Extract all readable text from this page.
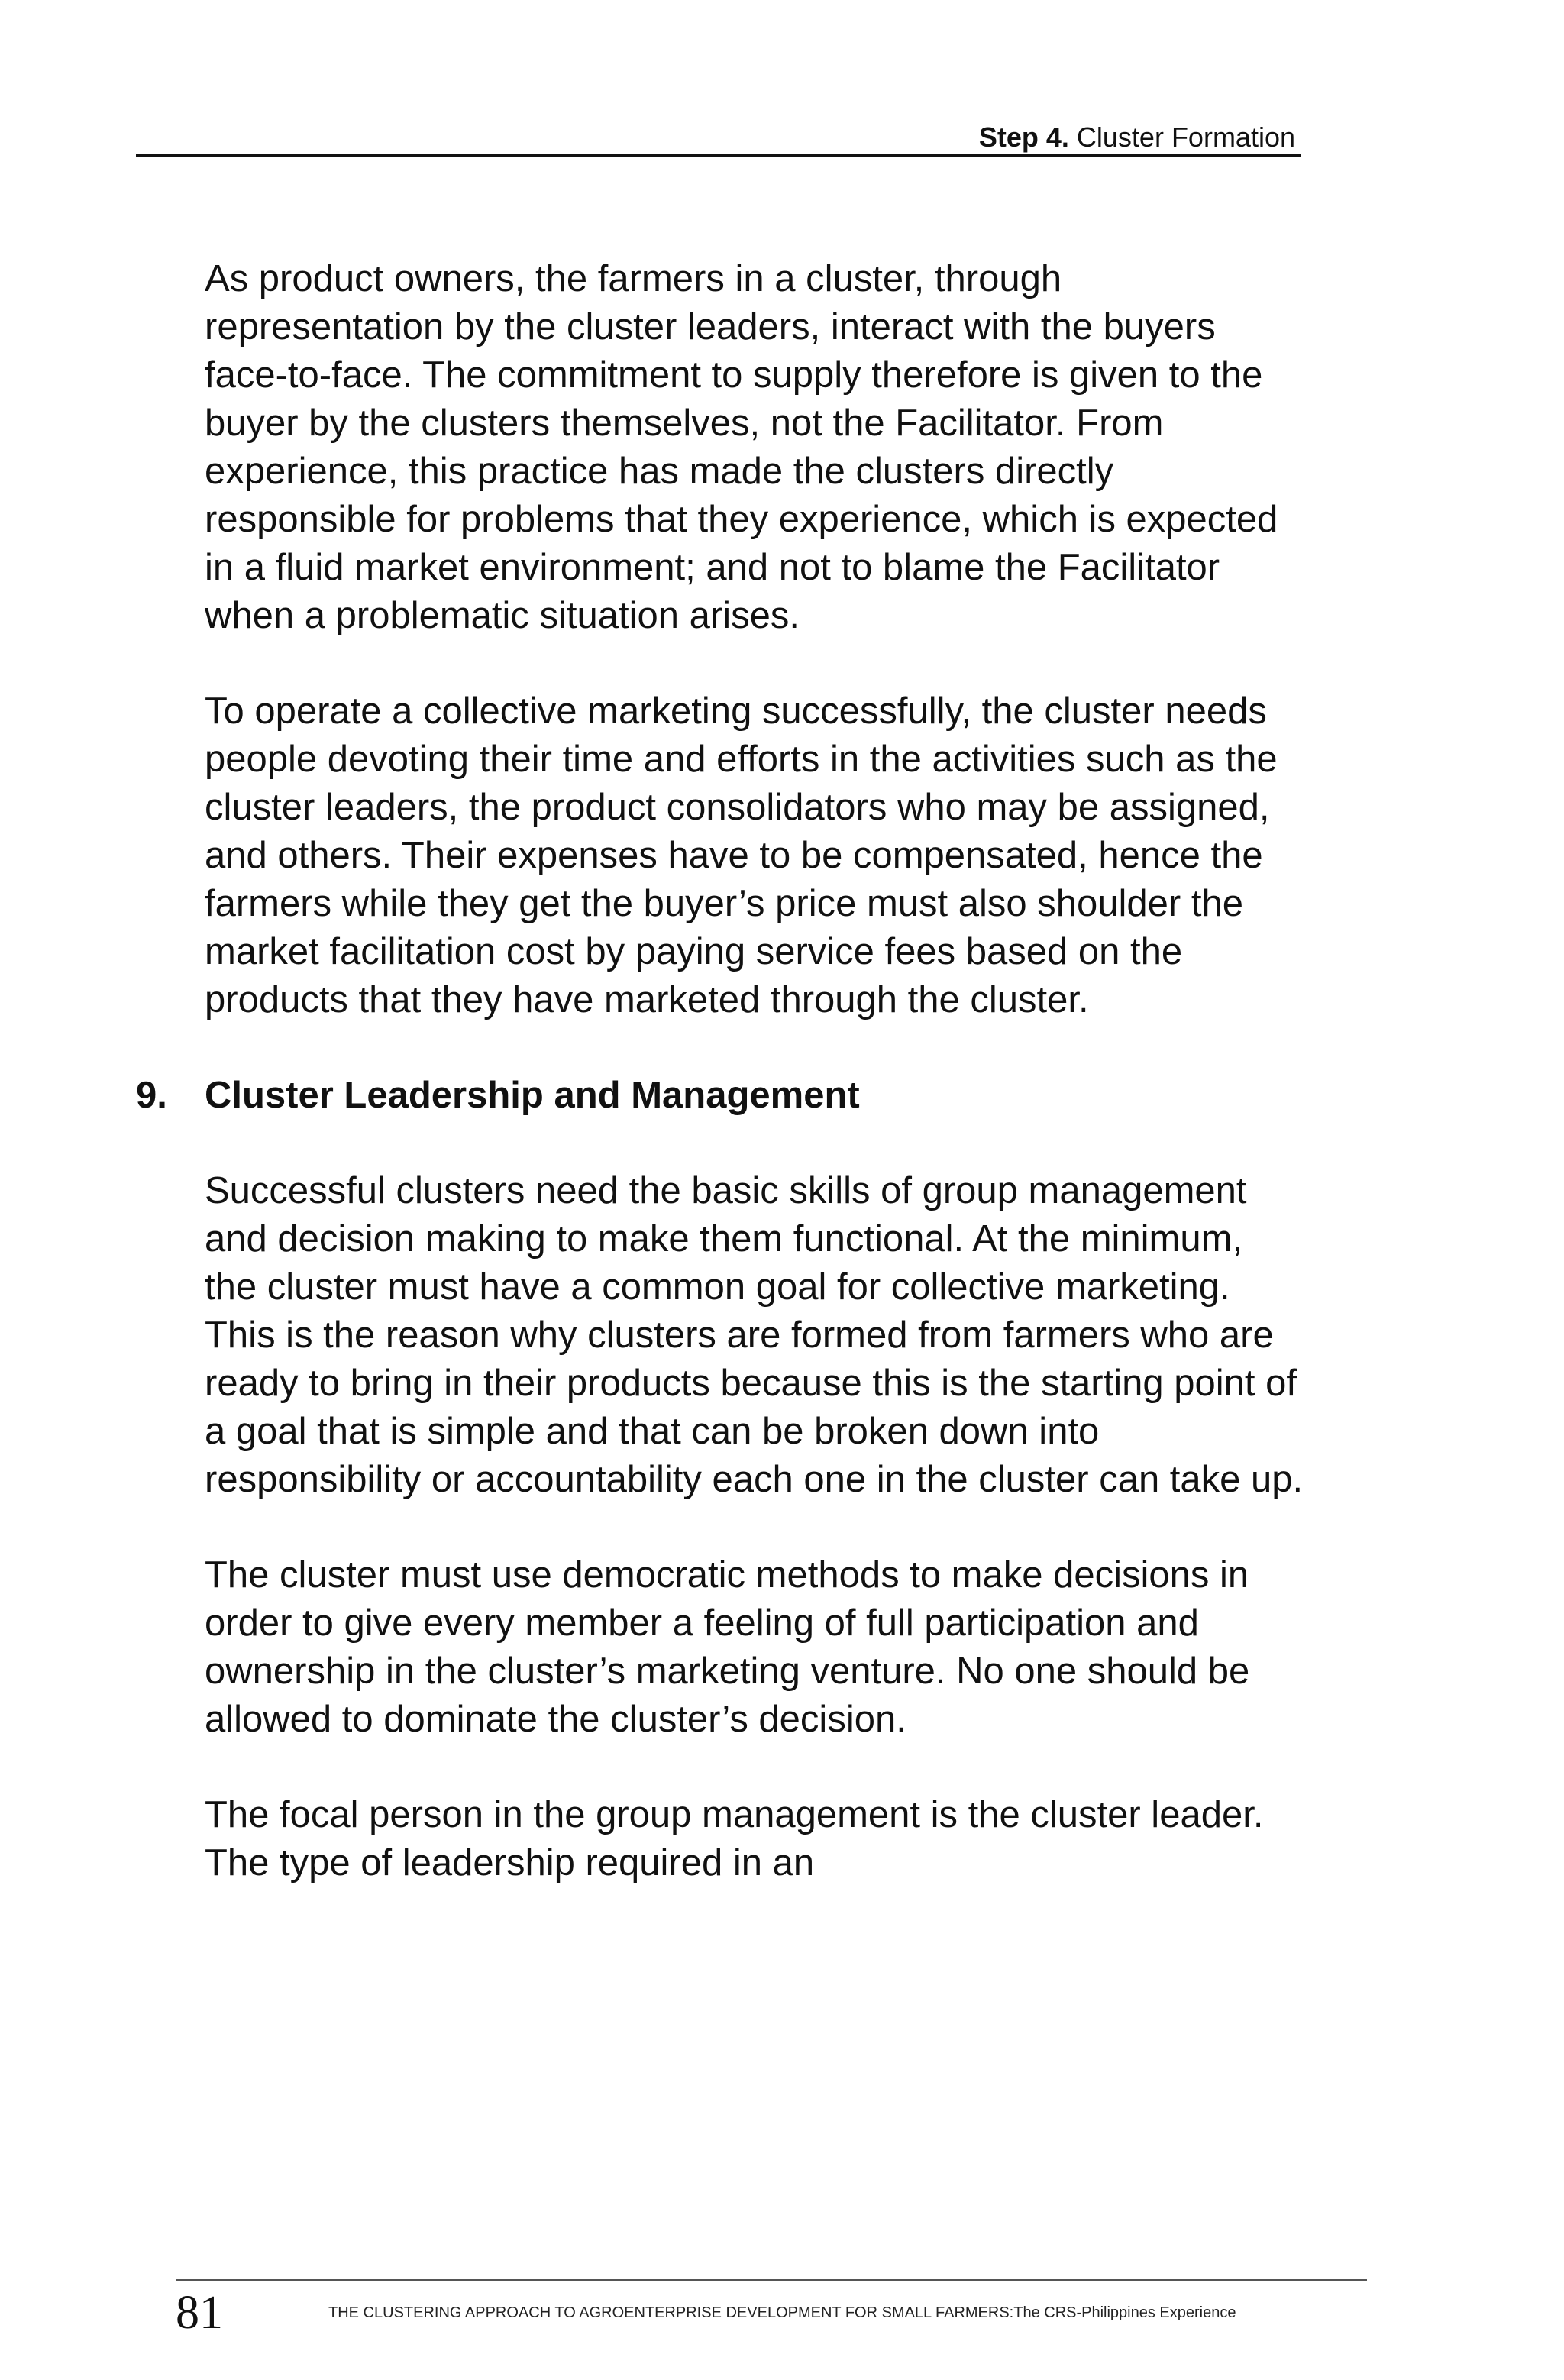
Step 4. Cluster Formation

As product owners, the farmers in a cluster, through representation by the cluster leaders, interact with the buyers face-to-face. The commitment to supply therefore is given to the buyer by the clusters themselves, not the Facilitator. From experience, this practice has made the clusters directly responsible for problems that they experience, which is expected in a fluid market environment; and not to blame the Facilitator when a problematic situation arises.

To operate a collective marketing successfully, the cluster needs people devoting their time and efforts in the activities such as the cluster leaders, the product consolidators who may be assigned, and others. Their expenses have to be compensated, hence the farmers while they get the buyer’s price must also shoulder the market facilitation cost by paying service fees based on the products that they have marketed through the cluster.

9. Cluster Leadership and Management

Successful clusters need the basic skills of group management and decision making to make them functional. At the minimum, the cluster must have a common goal for collective marketing. This is the reason why clusters are formed from farmers who are ready to bring in their products because this is the starting point of a goal that is simple and that can be broken down into responsibility or accountability each one in the cluster can take up.

The cluster must use democratic methods to make decisions in order to give every member a feeling of full participation and ownership in the cluster’s marketing venture. No one should be allowed to dominate the cluster’s decision.

The focal person in the group management is the cluster leader. The type of leadership required in an

81	THE CLUSTERING APPROACH TO AGROENTERPRISE DEVELOPMENT FOR SMALL FARMERS:The CRS-Philippines Experience
